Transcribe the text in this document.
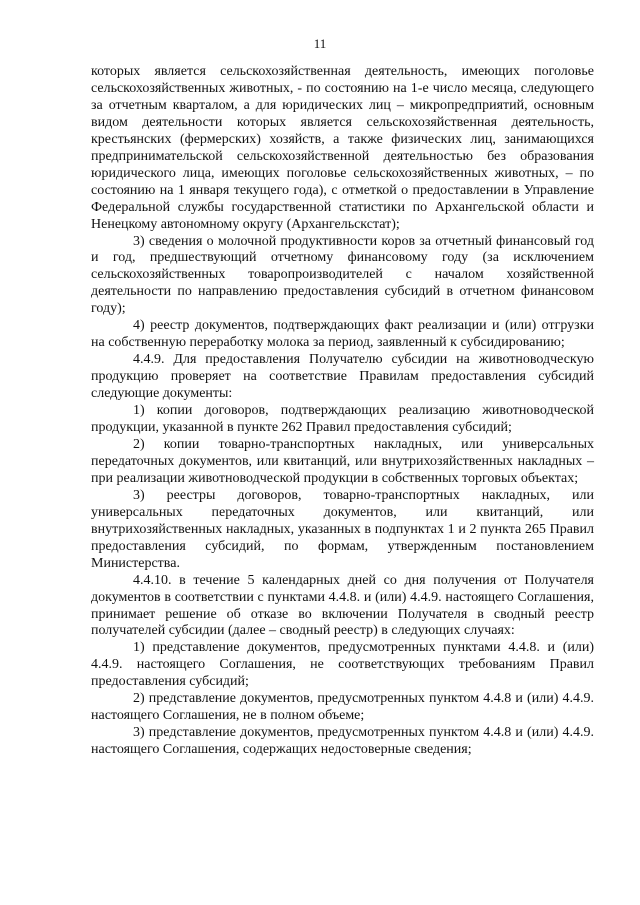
11

которых является сельскохозяйственная деятельность, имеющих поголовье сельскохозяйственных животных, - по состоянию на 1-е число месяца, следующего за отчетным кварталом, а для юридических лиц – микропредприятий, основным видом деятельности которых является сельскохозяйственная деятельность, крестьянских (фермерских) хозяйств, а также физических лиц, занимающихся предпринимательской сельскохозяйственной деятельностью без образования юридического лица, имеющих поголовье сельскохозяйственных животных, – по состоянию на 1 января текущего года), с отметкой о предоставлении в Управление Федеральной службы государственной статистики по Архангельской области и Ненецкому автономному округу (Архангельскстат);

3) сведения о молочной продуктивности коров за отчетный финансовый год и год, предшествующий отчетному финансовому году (за исключением сельскохозяйственных товаропроизводителей с началом хозяйственной деятельности по направлению предоставления субсидий в отчетном финансовом году);

4) реестр документов, подтверждающих факт реализации и (или) отгрузки на собственную переработку молока за период, заявленный к субсидированию;

4.4.9. Для предоставления Получателю субсидии на животноводческую продукцию проверяет на соответствие Правилам предоставления субсидий следующие документы:

1) копии договоров, подтверждающих реализацию животноводческой продукции, указанной в пункте 262 Правил предоставления субсидий;

2) копии товарно-транспортных накладных, или универсальных передаточных документов, или квитанций, или внутрихозяйственных накладных – при реализации животноводческой продукции в собственных торговых объектах;

3) реестры договоров, товарно-транспортных накладных, или универсальных передаточных документов, или квитанций, или внутрихозяйственных накладных, указанных в подпунктах 1 и 2 пункта 265 Правил предоставления субсидий, по формам, утвержденным постановлением Министерства.

4.4.10. в течение 5 календарных дней со дня получения от Получателя документов в соответствии с пунктами 4.4.8. и (или) 4.4.9. настоящего Соглашения, принимает решение об отказе во включении Получателя в сводный реестр получателей субсидии (далее – сводный реестр) в следующих случаях:

1) представление документов, предусмотренных пунктами 4.4.8. и (или) 4.4.9. настоящего Соглашения, не соответствующих требованиям Правил предоставления субсидий;

2) представление документов, предусмотренных пунктом 4.4.8 и (или) 4.4.9. настоящего Соглашения, не в полном объеме;

3) представление документов, предусмотренных пунктом 4.4.8 и (или) 4.4.9. настоящего Соглашения, содержащих недостоверные сведения;
